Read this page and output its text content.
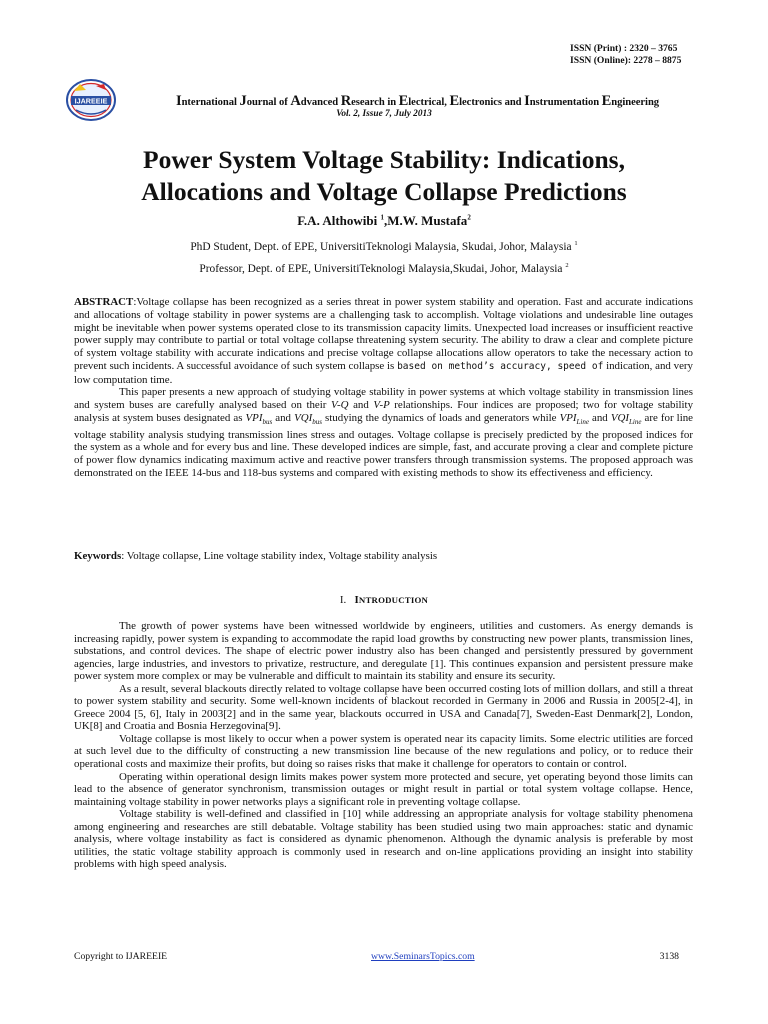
ISSN (Print) : 2320 – 3765
ISSN (Online): 2278 – 8875
IJAREEIE	International Journal of Advanced Research in Electrical, Electronics and Instrumentation Engineering
Vol. 2, Issue 7, July 2013
Power System Voltage Stability: Indications,
Allocations and Voltage Collapse Predictions
F.A. Althowibi $^1$,M.W. Mustafa$^2$
PhD Student, Dept. of EPE, UniversitiTeknologi Malaysia, Skudai, Johor, Malaysia $^1$
Professor, Dept. of EPE, UniversitiTeknologi Malaysia,Skudai, Johor, Malaysia $^2$

ABSTRACT:Voltage collapse has been recognized as a series threat in power system stability and operation. Fast and accurate indications and allocations of voltage stability in power systems are a challenging task to accomplish. Voltage violations and undesirable line outages might be inevitable when power systems operated close to its transmission capacity limits. Unexpected load increases or insufficient reactive power supply may contribute to partial or total voltage collapse threatening system security. The ability to draw a clear and complete picture of system voltage stability with accurate indications and precise voltage collapse allocations allow operators to take the necessary action to prevent such incidents. A successful avoidance of such system collapse is based on method’s accuracy, speed of indication, and very low computation time.

This paper presents a new approach of studying voltage stability in power systems at which voltage stability in transmission lines and system buses are carefully analysed based on their V-Q and V-P relationships. Four indices are proposed; two for voltage stability analysis at system buses designated as $VPI_{bus}$ and $VQI_{bus}$ studying the dynamics of loads and generators while $VPI_{Line}$ and $VQI_{Line}$ are for line voltage stability analysis studying transmission lines stress and outages. Voltage collapse is precisely predicted by the proposed indices for the system as a whole and for every bus and line. These developed indices are simple, fast, and accurate proving a clear and complete picture of power flow dynamics indicating maximum active and reactive power transfers through transmission systems. The proposed approach was demonstrated on the IEEE 14-bus and 118-bus systems and compared with existing methods to show its effectiveness and efficiency.

Keywords: Voltage collapse, Line voltage stability index, Voltage stability analysis
I. INTRODUCTION

The growth of power systems have been witnessed worldwide by engineers, utilities and customers. As energy demands is increasing rapidly, power system is expanding to accommodate the rapid load growths by constructing new power plants, transmission lines, substations, and control devices. The shape of electric power industry also has been changed and persistently pressured by government agencies, large industries, and investors to privatize, restructure, and deregulate [1]. This continues expansion and persistent pressure make power system more complex or may be vulnerable and difficult to maintain its stability and ensure its security.

As a result, several blackouts directly related to voltage collapse have been occurred costing lots of million dollars, and still a threat to power system stability and security. Some well-known incidents of blackout recorded in Germany in 2006 and Russia in 2005[2-4], in Greece 2004 [5, 6], Italy in 2003[2] and in the same year, blackouts occurred in USA and Canada[7], Sweden-East Denmark[2], London, UK[8] and Croatia and Bosnia Herzegovina[9].

Voltage collapse is most likely to occur when a power system is operated near its capacity limits. Some electric utilities are forced at such level due to the difficulty of constructing a new transmission line because of the new regulations and policy, or to reduce their operational costs and maximize their profits, but doing so raises risks that make it challenge for operators to contain or control.

Operating within operational design limits makes power system more protected and secure, yet operating beyond those limits can lead to the absence of generator synchronism, transmission outages or might result in partial or total system voltage collapse. Hence, maintaining voltage stability in power networks plays a significant role in preventing voltage collapse.

Voltage stability is well-defined and classified in [10] while addressing an appropriate analysis for voltage stability phenomena among engineering and researches are still debatable. Voltage stability has been studied using two main approaches: static and dynamic analysis, where voltage instability as fact is considered as dynamic phenomenon. Although the dynamic analysis is preferable by most utilities, the static voltage stability approach is commonly used in research and on-line applications providing an insight into stability problems with high speed analysis.

Copyright to IJAREEIE	www.SeminarsTopics.com	3138
